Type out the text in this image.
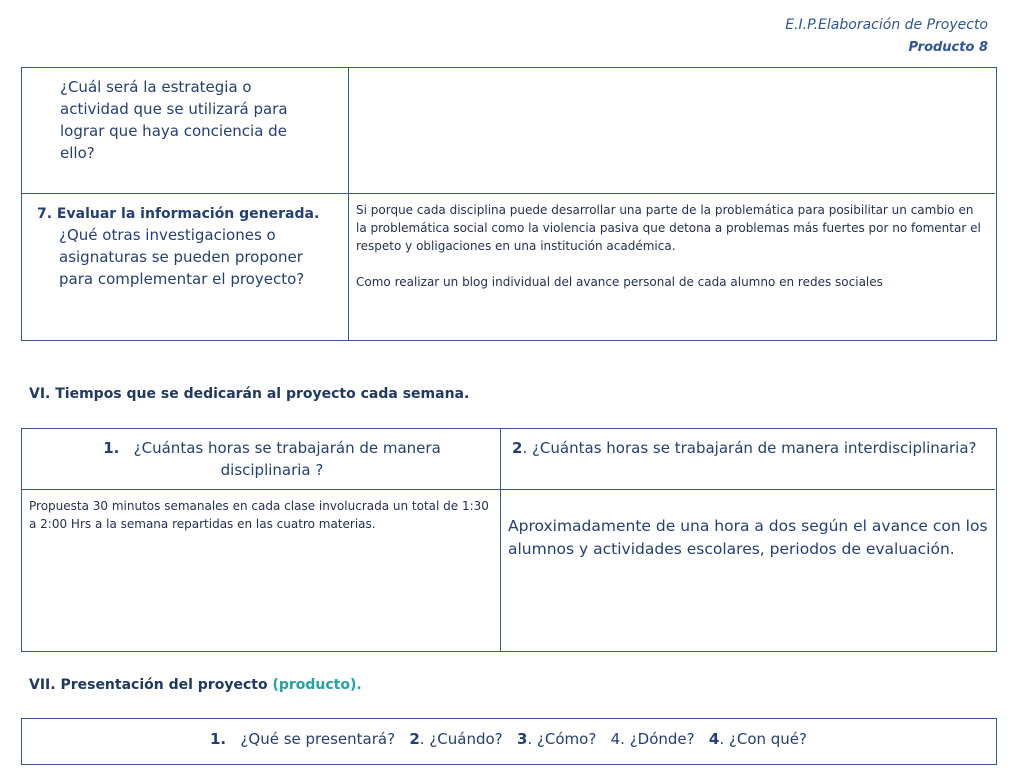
E.I.P.Elaboración de Proyecto
Producto 8
¿Cuál será la estrategia o actividad que se utilizará para lograr que haya conciencia de ello?
7. Evaluar la información generada.
¿Qué otras investigaciones o asignaturas se pueden proponer para complementar el proyecto?
Si porque cada disciplina puede desarrollar una parte de la problemática para posibilitar un cambio en la problemática social como la violencia pasiva que detona a problemas más fuertes por no fomentar el respeto y obligaciones en una institución académica.
Como realizar un blog individual del avance personal de cada alumno en redes sociales
VI. Tiempos que se dedicarán al proyecto cada semana.
1. ¿Cuántas horas se trabajarán de manera disciplinaria ?
2. ¿Cuántas horas se trabajarán de manera interdisciplinaria?
Propuesta 30 minutos semanales en cada clase involucrada un total de 1:30 a 2:00 Hrs a la semana repartidas en las cuatro materias.	Aproximadamente de una hora a dos según el avance con los alumnos y actividades escolares, periodos de evaluación.
VII. Presentación del proyecto (producto).
1. ¿Qué se presentará? 2. ¿Cuándo? 3. ¿Cómo? 4. ¿Dónde? 4. ¿Con qué?
